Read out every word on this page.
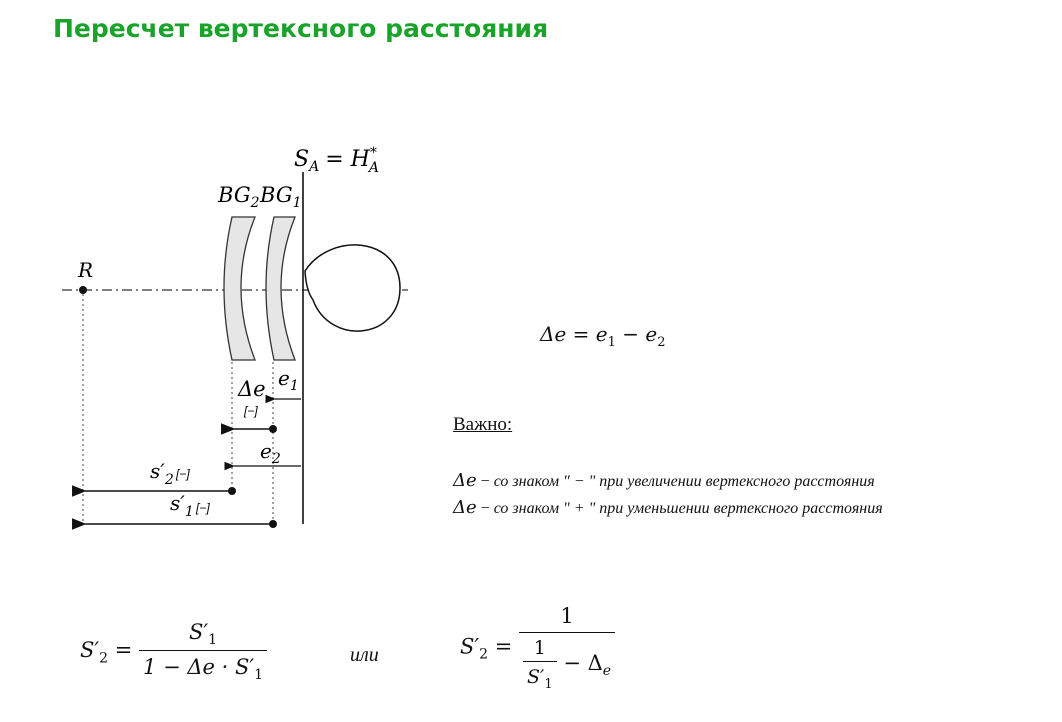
Пересчет вертексного расстояния
R
$S_A = H^*$ A
$BG_2$ $BG_1$
$e_1$
Δe
[−]
$e_2$
$s'_2$ [−]
$s'_1$ [−]
$\Delta e = e_1 - e_2$
Важно:
Δe − со знаком " − " при увеличении вертексного расстояния
Δe − со знаком " + " при уменьшении вертексного расстояния
$S'_2 = \frac{S'_1}{1 - \Delta e \cdot S'_1}$	или	$S'_2 = \frac{1}{\frac{1}{S'_1} - \Delta_e}$
